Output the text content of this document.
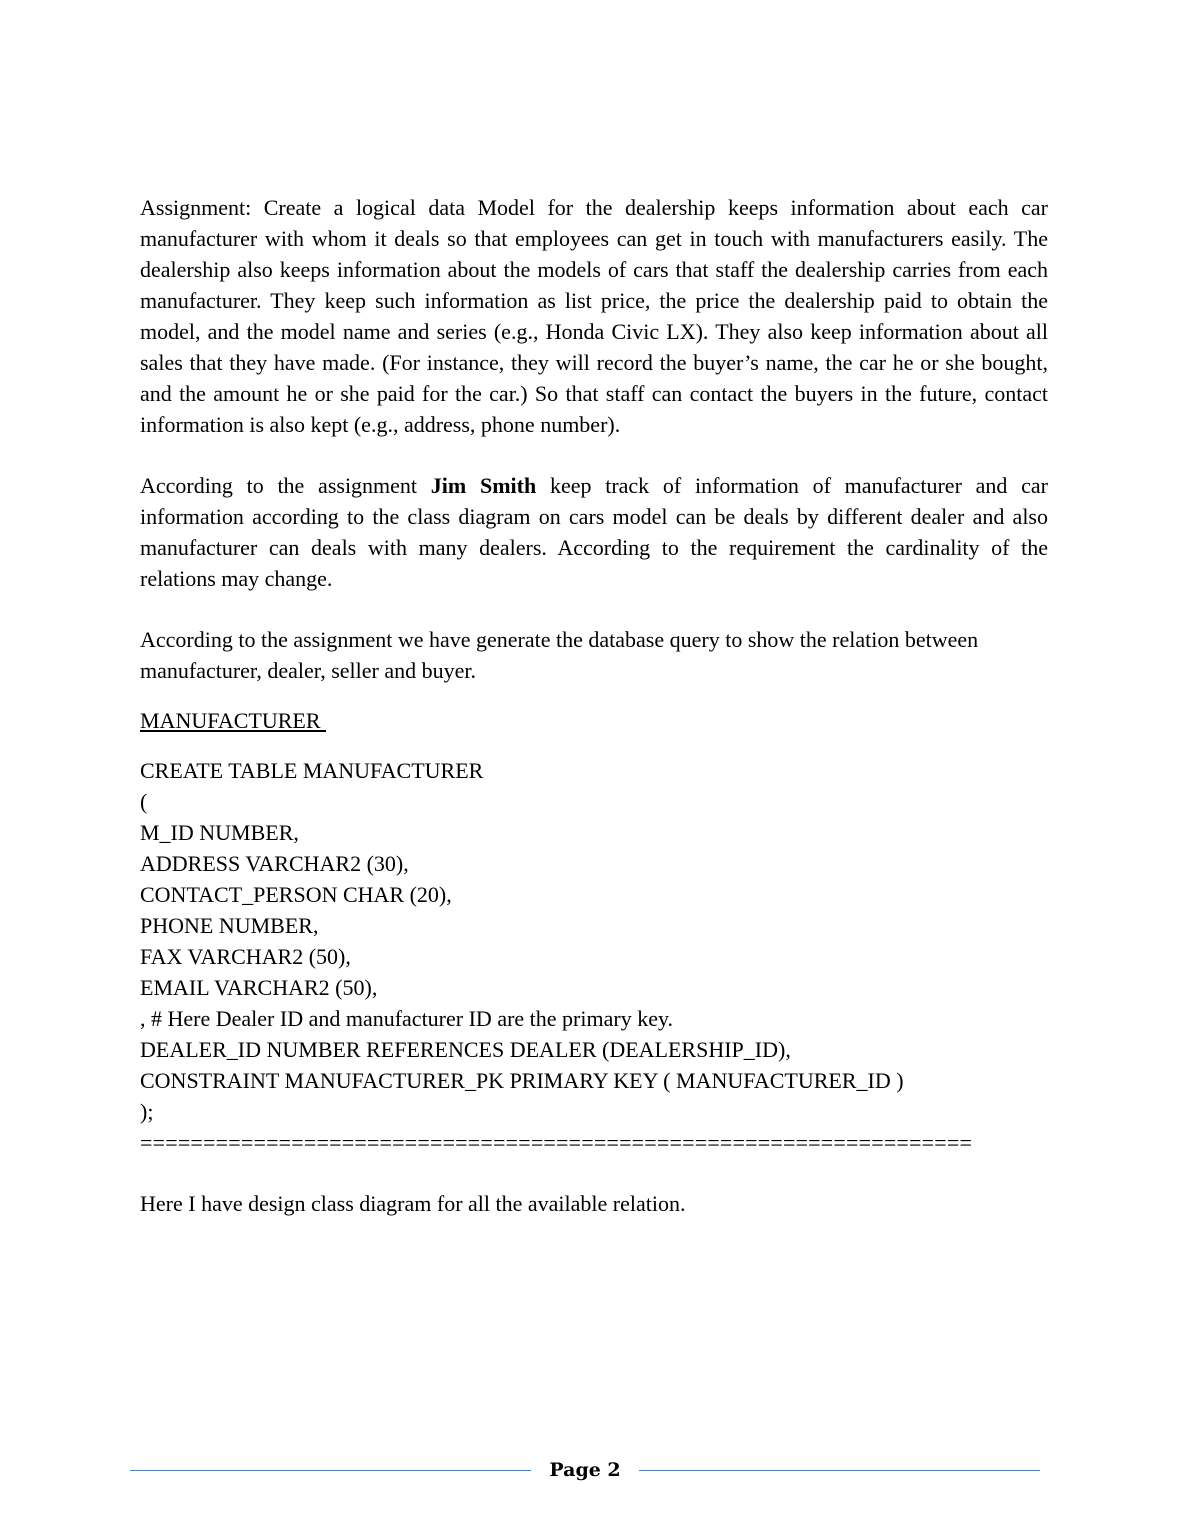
Assignment: Create a logical data Model for the dealership keeps information about each car manufacturer with whom it deals so that employees can get in touch with manufacturers easily. The dealership also keeps information about the models of cars that staff the dealership carries from each manufacturer. They keep such information as list price, the price the dealership paid to obtain the model, and the model name and series (e.g., Honda Civic LX). They also keep information about all sales that they have made. (For instance, they will record the buyer’s name, the car he or she bought, and the amount he or she paid for the car.) So that staff can contact the buyers in the future, contact information is also kept (e.g., address, phone number).

According to the assignment Jim Smith keep track of information of manufacturer and car information according to the class diagram on cars model can be deals by different dealer and also manufacturer can deals with many dealers. According to the requirement the cardinality of the relations may change.

According to the assignment we have generate the database query to show the relation between
manufacturer, dealer, seller and buyer.

MANUFACTURER

CREATE TABLE MANUFACTURER
(
M_ID NUMBER,
ADDRESS VARCHAR2 (30),
CONTACT_PERSON CHAR (20),
PHONE NUMBER,
FAX VARCHAR2 (50),
EMAIL VARCHAR2 (50),
, # Here Dealer ID and manufacturer ID are the primary key.
DEALER_ID NUMBER REFERENCES DEALER (DEALERSHIP_ID),
CONSTRAINT MANUFACTURER_PK PRIMARY KEY ( MANUFACTURER_ID )
);
==================================================================

Here I have design class diagram for all the available relation.

Page 2
